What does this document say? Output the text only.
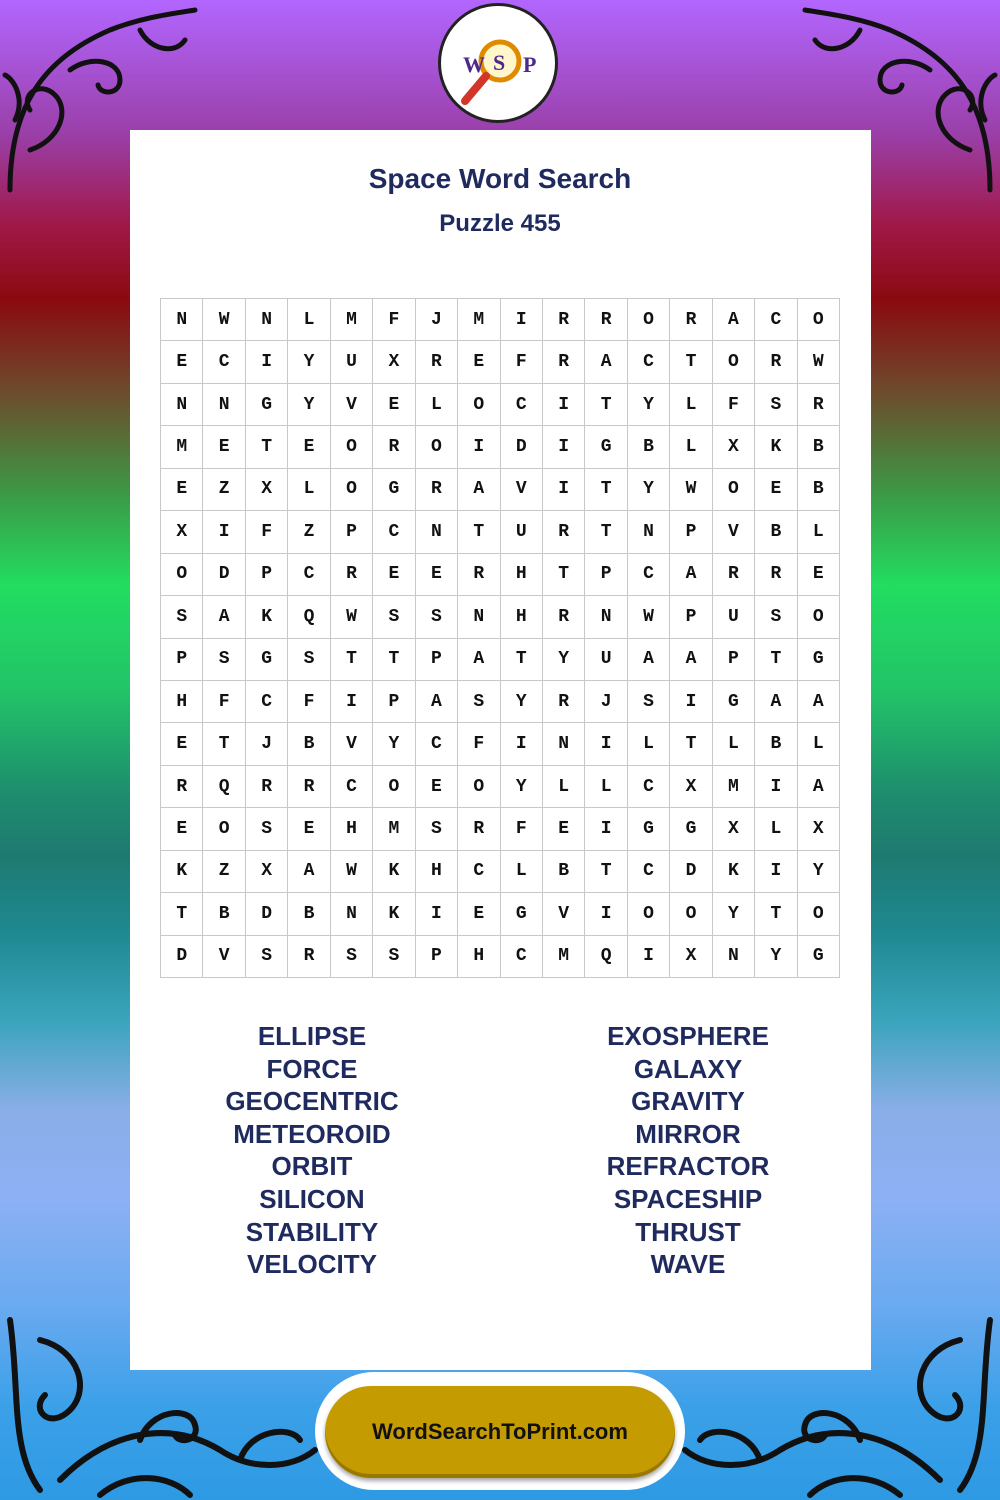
W S P
Space Word Search
Puzzle 455
N	W	N	L	M	F	J	M	I	R	R	O	R	A	C	O
E	C	I	Y	U	X	R	E	F	R	A	C	T	O	R	W
N	N	G	Y	V	E	L	O	C	I	T	Y	L	F	S	R
M	E	T	E	O	R	O	I	D	I	G	B	L	X	K	B
E	Z	X	L	O	G	R	A	V	I	T	Y	W	O	E	B
X	I	F	Z	P	C	N	T	U	R	T	N	P	V	B	L
O	D	P	C	R	E	E	R	H	T	P	C	A	R	R	E
S	A	K	Q	W	S	S	N	H	R	N	W	P	U	S	O
P	S	G	S	T	T	P	A	T	Y	U	A	A	P	T	G
H	F	C	F	I	P	A	S	Y	R	J	S	I	G	A	A
E	T	J	B	V	Y	C	F	I	N	I	L	T	L	B	L
R	Q	R	R	C	O	E	O	Y	L	L	C	X	M	I	A
E	O	S	E	H	M	S	R	F	E	I	G	G	X	L	X
K	Z	X	A	W	K	H	C	L	B	T	C	D	K	I	Y
T	B	D	B	N	K	I	E	G	V	I	O	O	Y	T	O
D	V	S	R	S	S	P	H	C	M	Q	I	X	N	Y	G
ELLIPSE
FORCE
GEOCENTRIC
METEOROID
ORBIT
SILICON
STABILITY
VELOCITY
EXOSPHERE
GALAXY
GRAVITY
MIRROR
REFRACTOR
SPACESHIP
THRUST
WAVE
WordSearchToPrint.com
